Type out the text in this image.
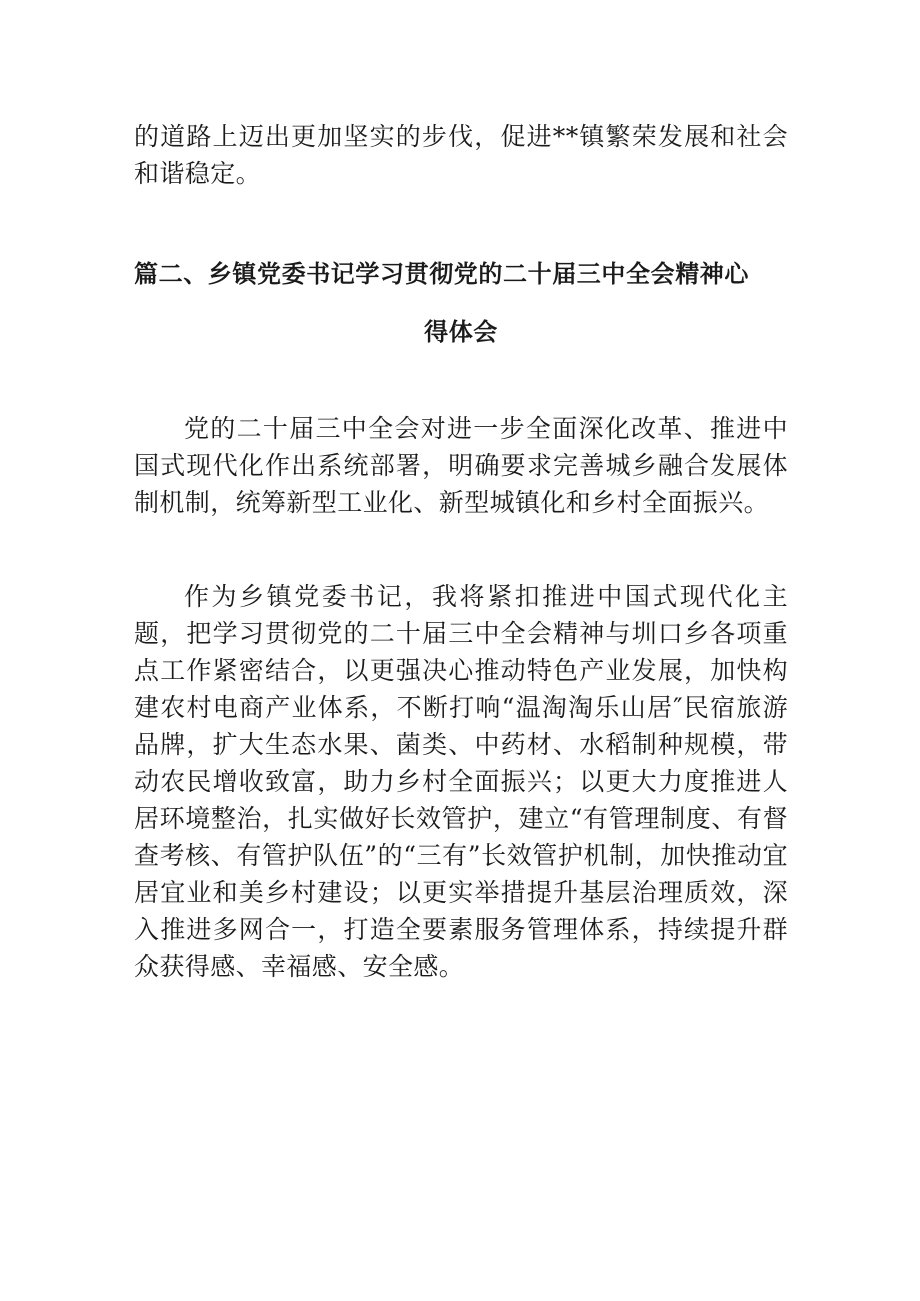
的道路上迈出更加坚实的步伐，促进**镇繁荣发展和社会和谐稳定。
篇二、乡镇党委书记学习贯彻党的二十届三中全会精神心
得体会
党的二十届三中全会对进一步全面深化改革、推进中国式现代化作出系统部署，明确要求完善城乡融合发展体制机制，统筹新型工业化、新型城镇化和乡村全面振兴。
作为乡镇党委书记，我将紧扣推进中国式现代化主题，把学习贯彻党的二十届三中全会精神与圳口乡各项重点工作紧密结合，以更强决心推动特色产业发展，加快构建农村电商产业体系，不断打响“温淘淘乐山居″民宿旅游品牌，扩大生态水果、菌类、中药材、水稻制种规模，带动农民增收致富，助力乡村全面振兴；以更大力度推进人居环境整治，扎实做好长效管护，建立“有管理制度、有督查考核、有管护队伍”的“三有”长效管护机制，加快推动宜居宜业和美乡村建设；以更实举措提升基层治理质效，深入推进多网合一，打造全要素服务管理体系，持续提升群众获得感、幸福感、安全感。
